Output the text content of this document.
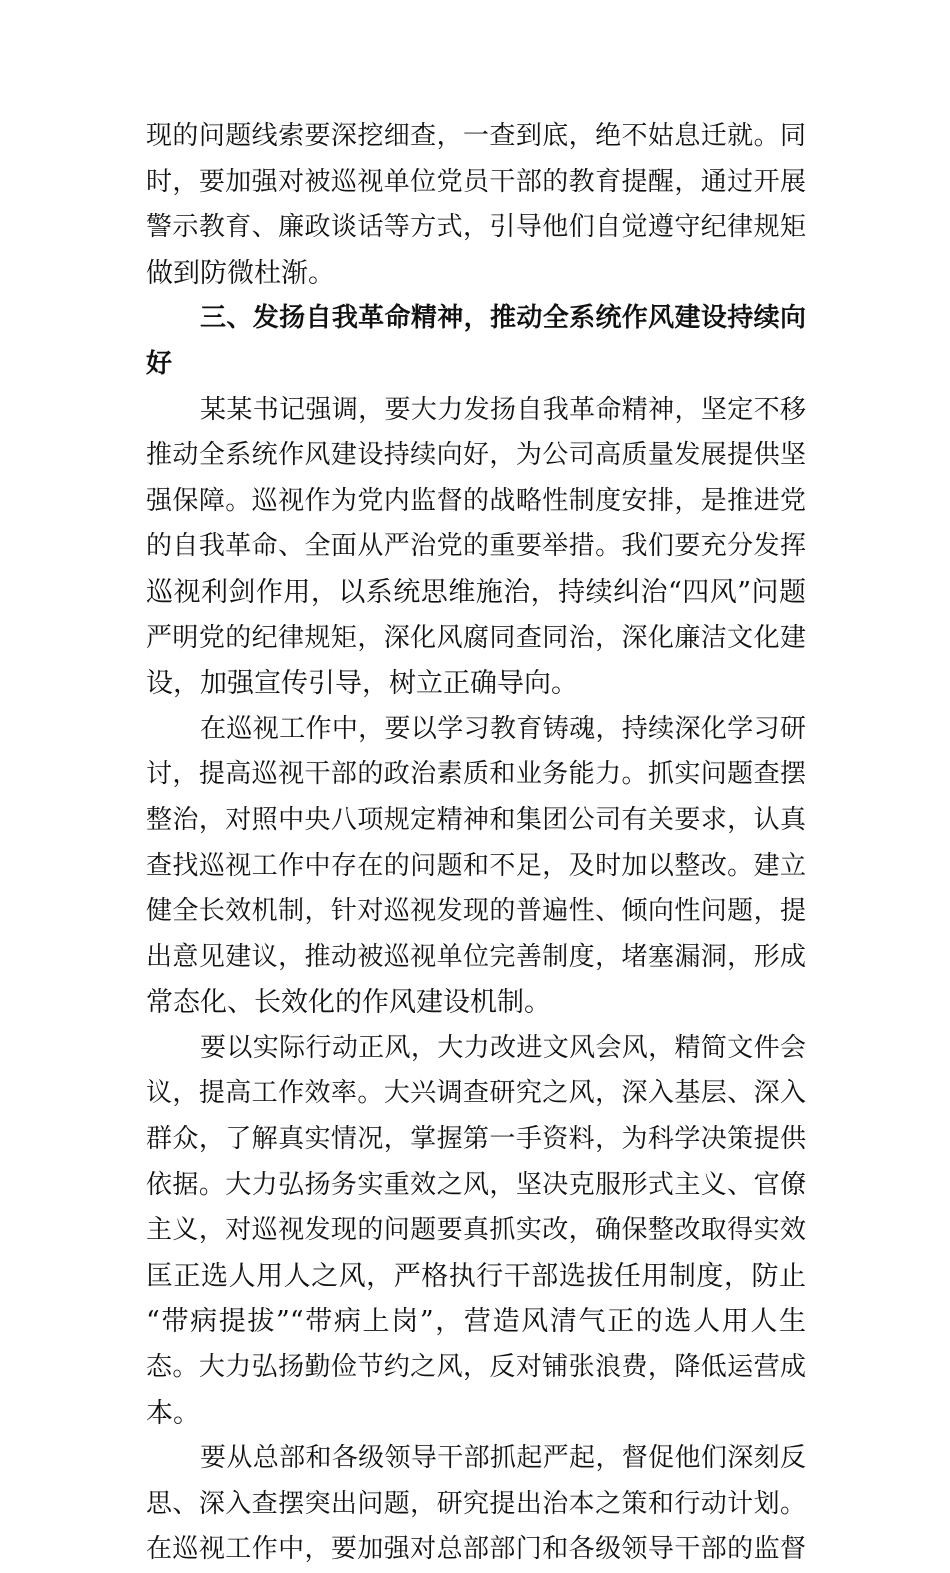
现的问题线索要深挖细查，一查到底，绝不姑息迁就。同
时，要加强对被巡视单位党员干部的教育提醒，通过开展
警示教育、廉政谈话等方式，引导他们自觉遵守纪律规矩
做到防微杜渐。

三、发扬自我革命精神，推动全系统作风建设持续向
好

某某书记强调，要大力发扬自我革命精神，坚定不移
推动全系统作风建设持续向好，为公司高质量发展提供坚
强保障。巡视作为党内监督的战略性制度安排，是推进党
的自我革命、全面从严治党的重要举措。我们要充分发挥
巡视利剑作用，以系统思维施治，持续纠治“四风”问题
严明党的纪律规矩，深化风腐同查同治，深化廉洁文化建
设，加强宣传引导，树立正确导向。

在巡视工作中，要以学习教育铸魂，持续深化学习研
讨，提高巡视干部的政治素质和业务能力。抓实问题查摆
整治，对照中央八项规定精神和集团公司有关要求，认真
查找巡视工作中存在的问题和不足，及时加以整改。建立
健全长效机制，针对巡视发现的普遍性、倾向性问题，提
出意见建议，推动被巡视单位完善制度，堵塞漏洞，形成
常态化、长效化的作风建设机制。

要以实际行动正风，大力改进文风会风，精简文件会
议，提高工作效率。大兴调查研究之风，深入基层、深入
群众，了解真实情况，掌握第一手资料，为科学决策提供
依据。大力弘扬务实重效之风，坚决克服形式主义、官僚
主义，对巡视发现的问题要真抓实改，确保整改取得实效
匡正选人用人之风，严格执行干部选拔任用制度，防止
“带病提拔”“带病上岗”，营造风清气正的选人用人生
态。大力弘扬勤俭节约之风，反对铺张浪费，降低运营成
本。

要从总部和各级领导干部抓起严起，督促他们深刻反
思、深入查摆突出问题，研究提出治本之策和行动计划。
在巡视工作中，要加强对总部部门和各级领导干部的监督
